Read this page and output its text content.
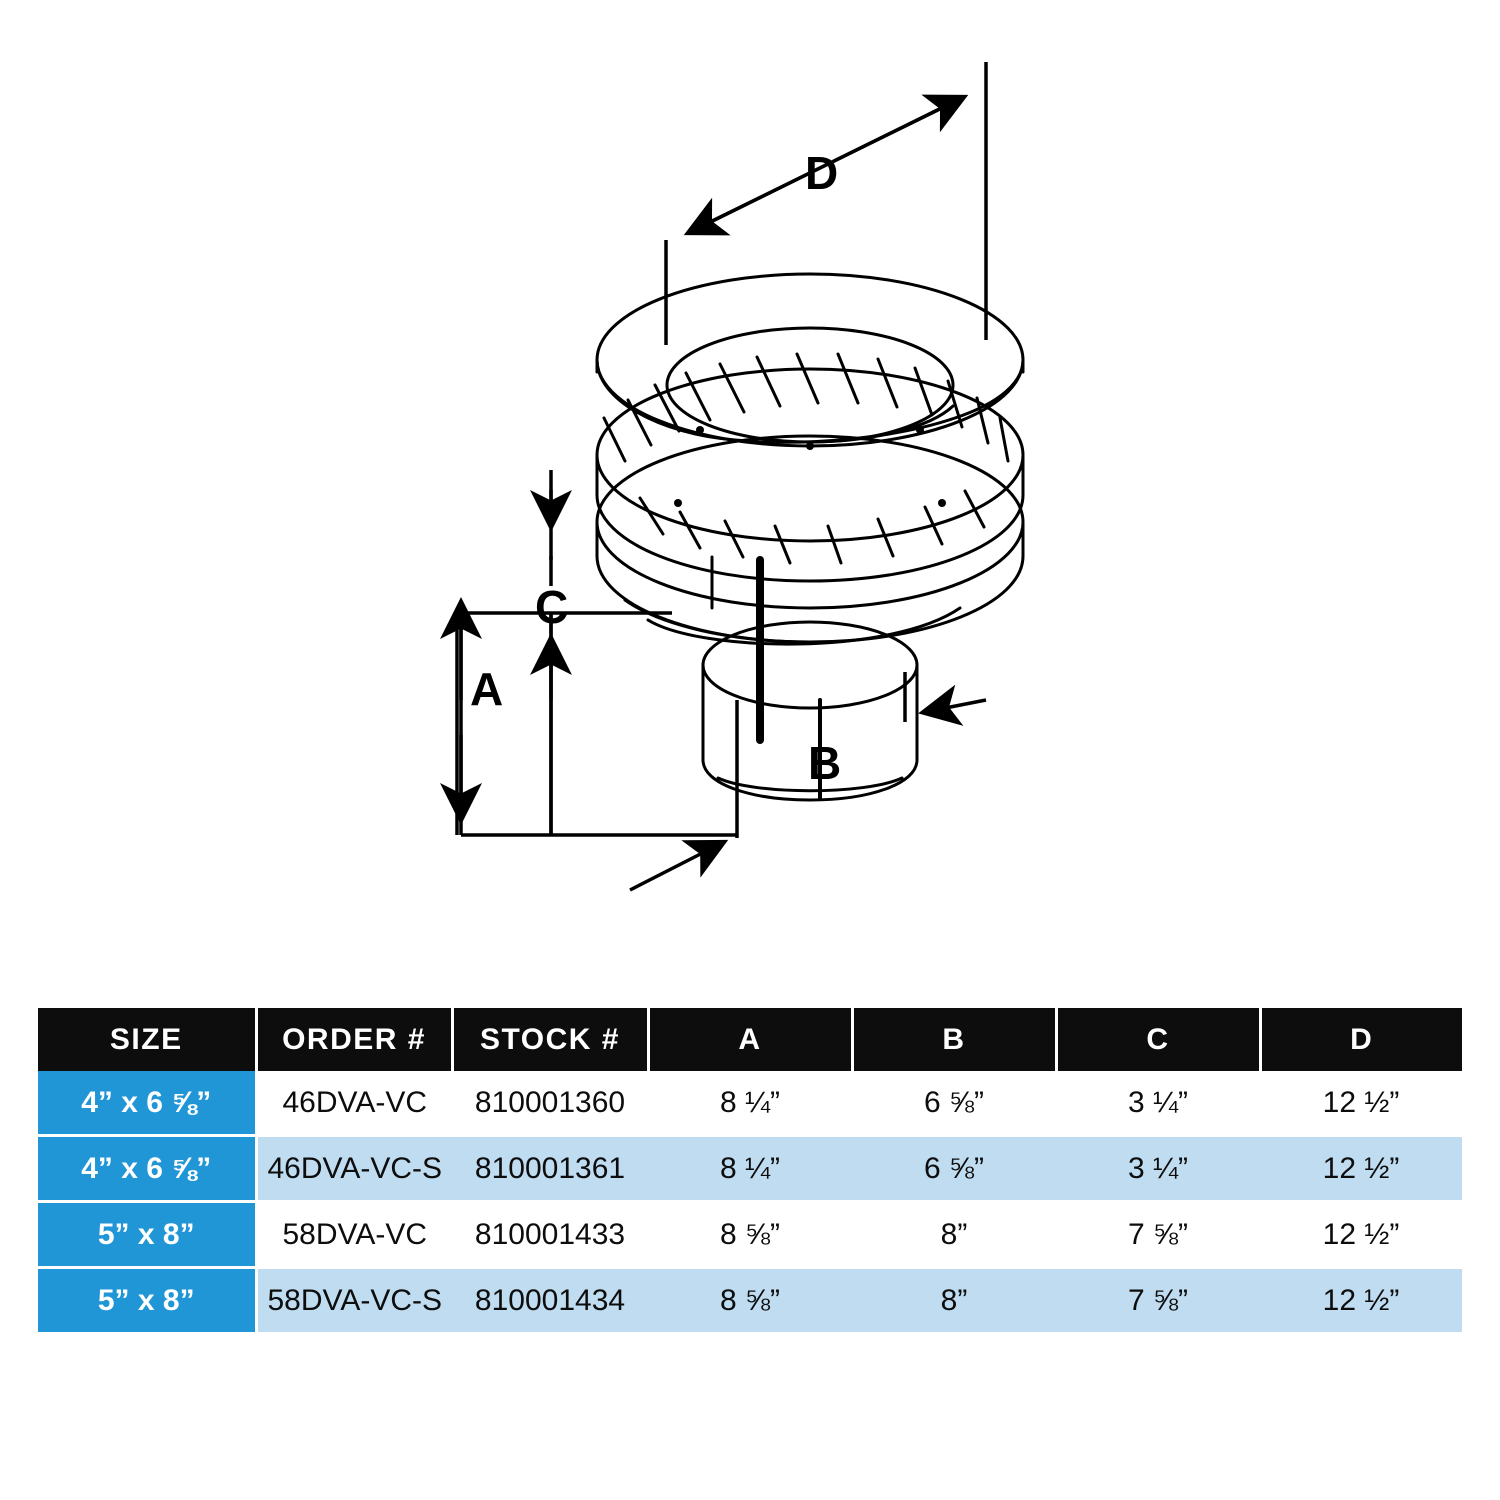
D
C
A
B
SIZE	ORDER #	STOCK #	A	B	C	D
4” x 6 ⅝”	46DVA-VC	810001360	8 ¼”	6 ⅝”	3 ¼”	12 ½”
4” x 6 ⅝”	46DVA-VC-S	810001361	8 ¼”	6 ⅝”	3 ¼”	12 ½”
5” x 8”	58DVA-VC	810001433	8 ⅝”	8”	7 ⅝”	12 ½”
5” x 8”	58DVA-VC-S	810001434	8 ⅝”	8”	7 ⅝”	12 ½”
